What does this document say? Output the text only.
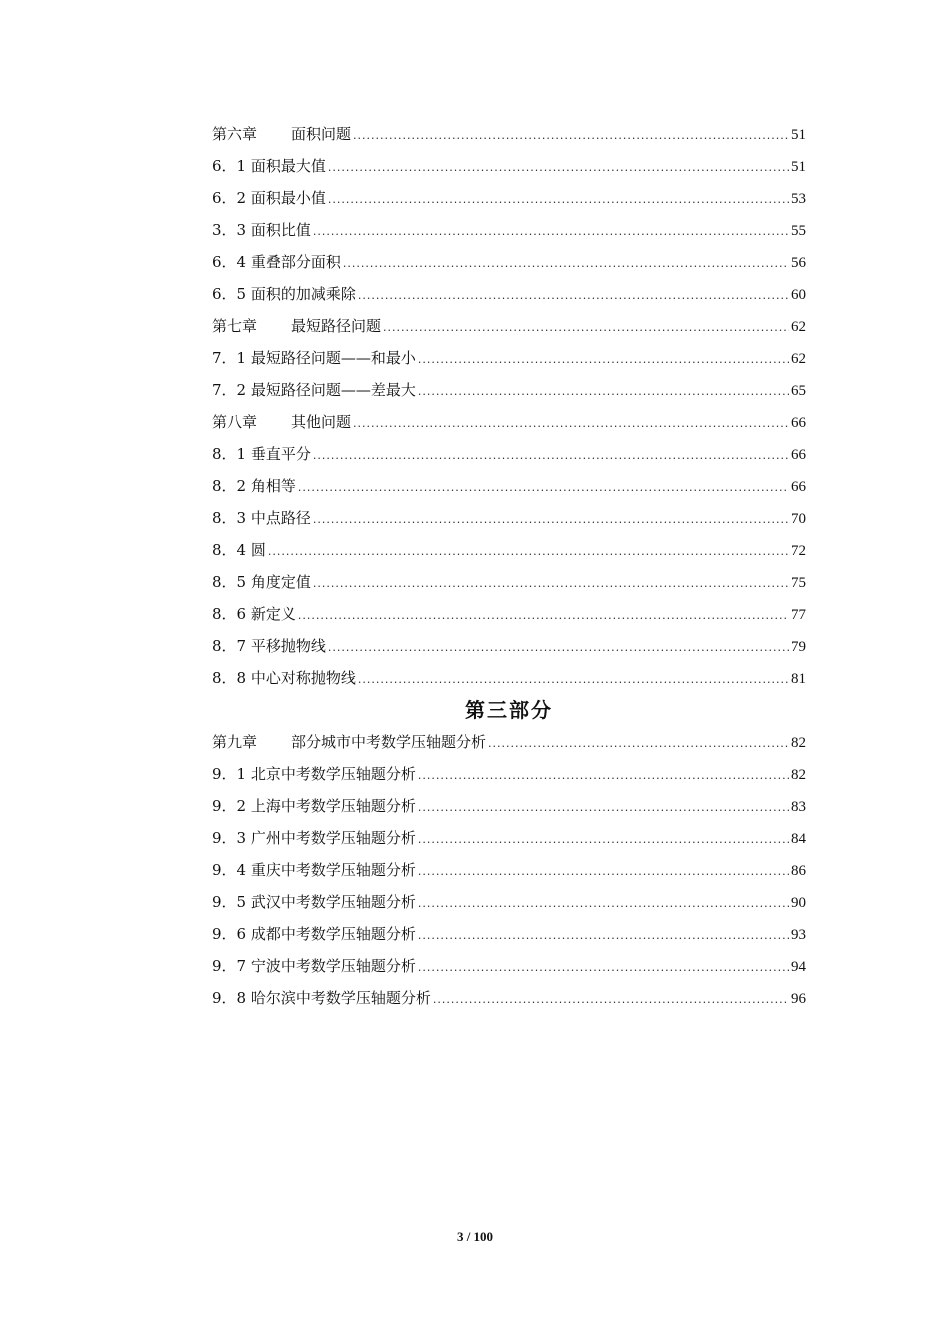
第六章 面积问题 .....	51
6．1 面积最大值 .....	51
6．2 面积最小值 .....	53
3．3 面积比值 .....	55
6．4 重叠部分面积 .....	56
6．5 面积的加减乘除 .....	60
第七章 最短路径问题 .....	62
7．1 最短路径问题——和最小 .....	62
7．2 最短路径问题——差最大 .....	65
第八章 其他问题 .....	66
8．1 垂直平分 .....	66
8．2 角相等 .....	66
8．3 中点路径 .....	70
8．4 圆 .....	72
8．5 角度定值 .....	75
8．6 新定义 .....	77
8．7 平移抛物线 .....	79
8．8 中心对称抛物线 .....	81
第三部分
第九章 部分城市中考数学压轴题分析 .....	82
9．1 北京中考数学压轴题分析 .....	82
9．2 上海中考数学压轴题分析 .....	83
9．3 广州中考数学压轴题分析 .....	84
9．4 重庆中考数学压轴题分析 .....	86
9．5 武汉中考数学压轴题分析 .....	90
9．6 成都中考数学压轴题分析 .....	93
9．7 宁波中考数学压轴题分析 .....	94
9．8 哈尔滨中考数学压轴题分析 .....	96
3 / 100
